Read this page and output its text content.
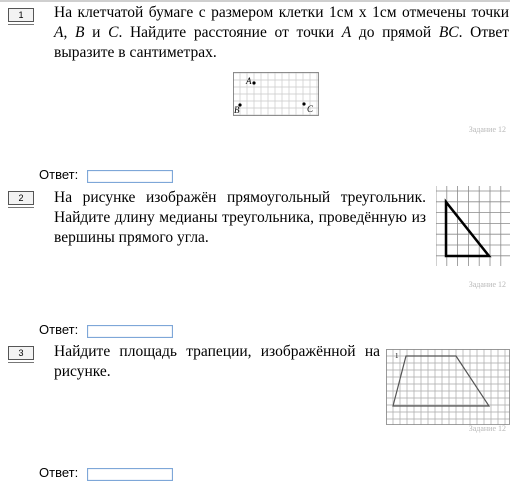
1	На клетчатой бумаге с размером клетки 1см х 1см отмечены точки A, B и C. Найдите расстояние от точки A до прямой BC. Ответ выразите в сантиметрах.
A
B	C
Задание 12
Ответ:
2	На рисунке изображён прямоугольный треугольник. Найдите длину медианы треугольника, проведённую из вершины прямого угла.
Задание 12
Ответ:
3	Найдите площадь трапеции, изображённой на рисунке.
1
Задание 12
Ответ:
